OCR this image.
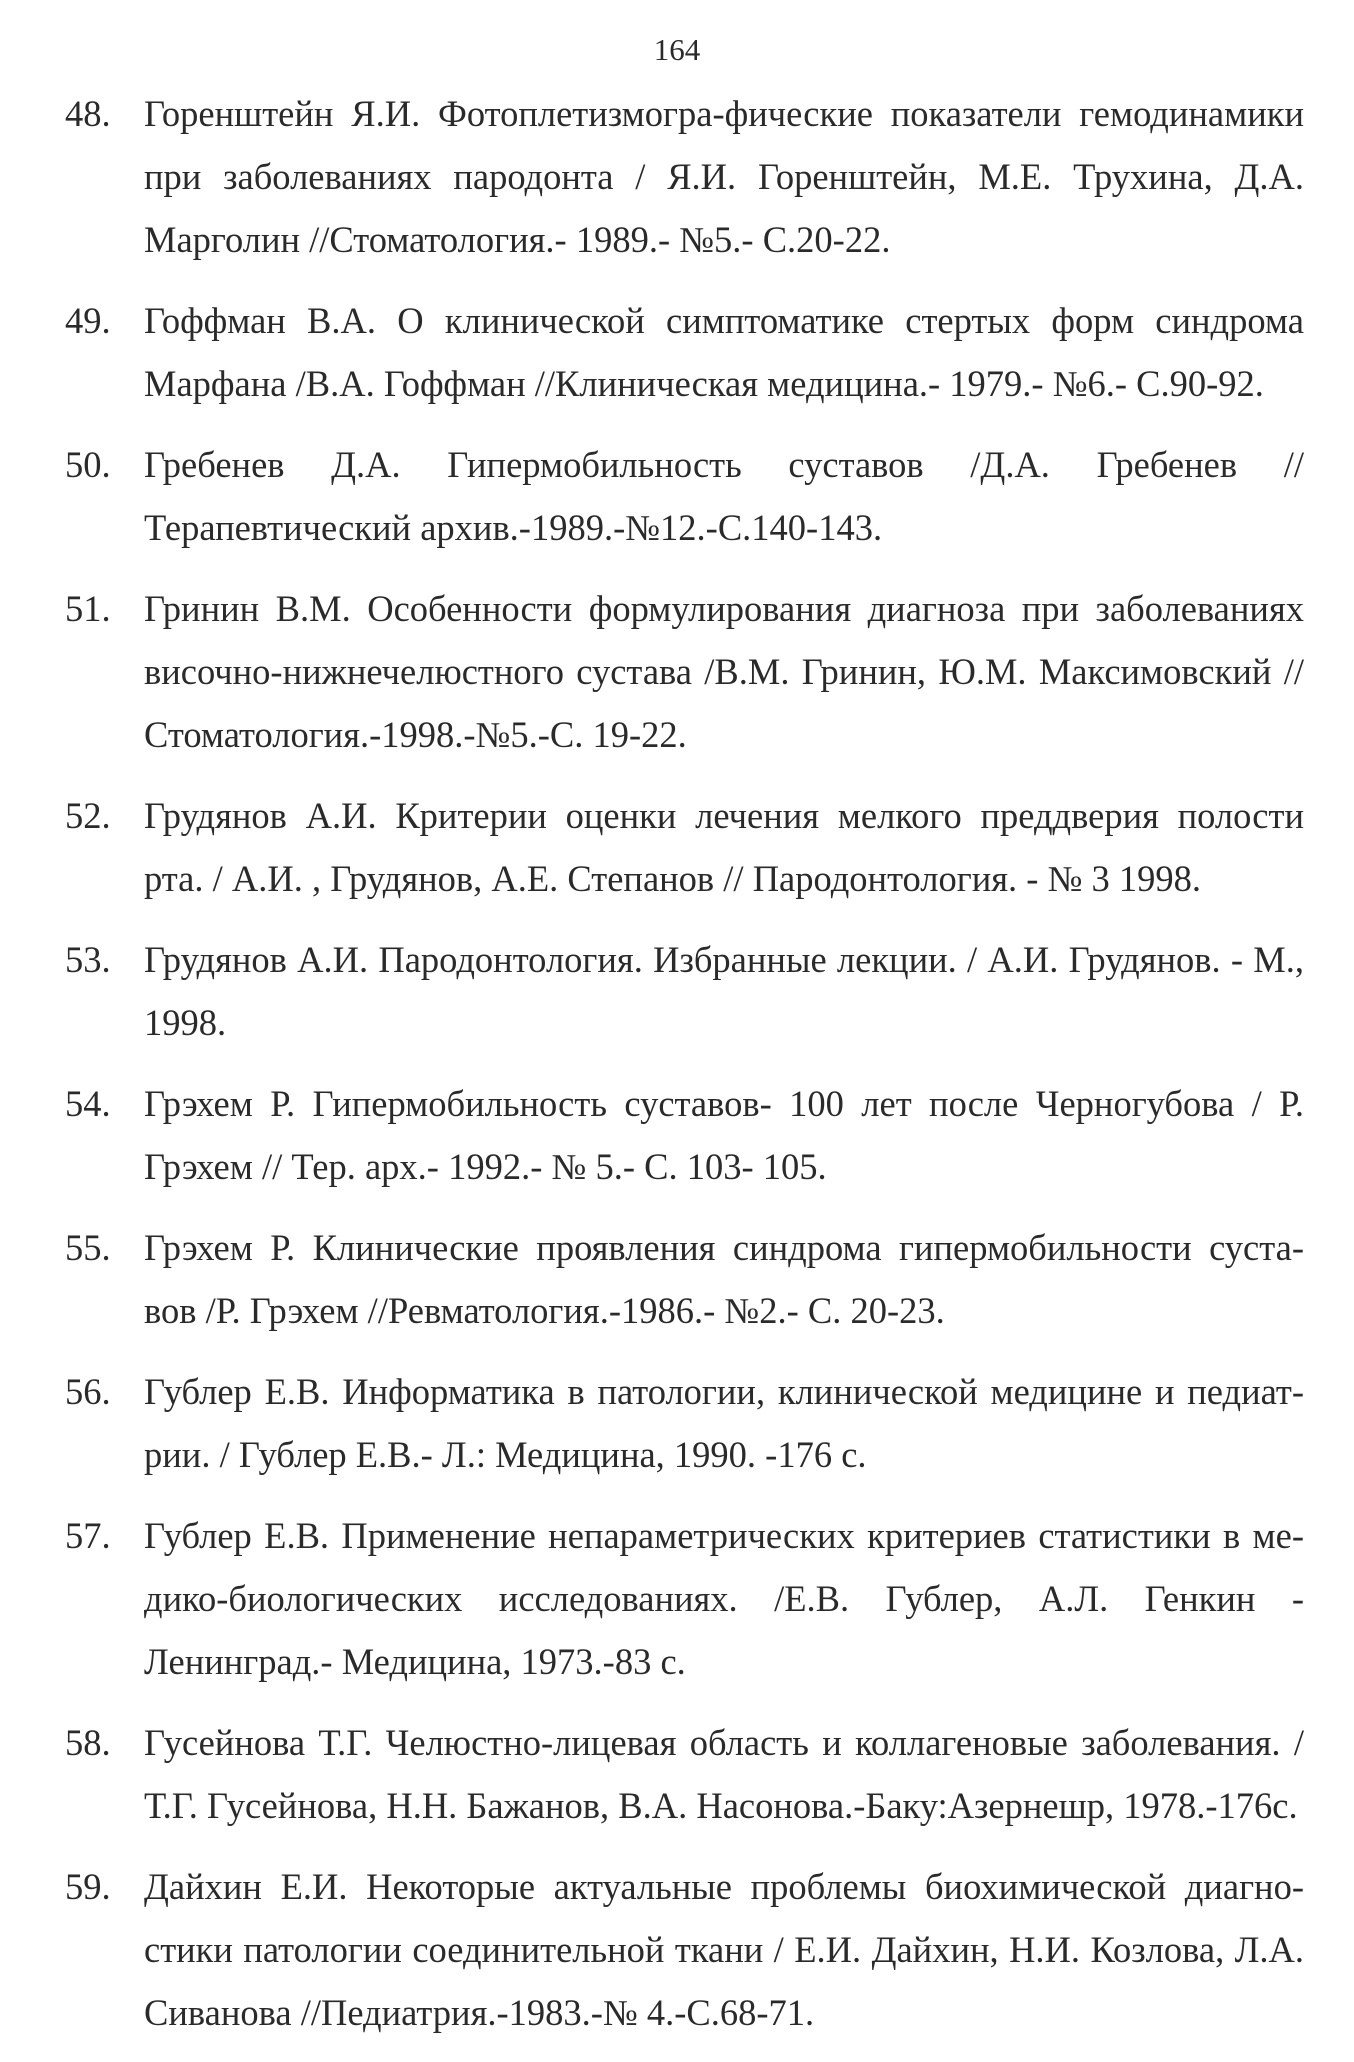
164
48. Горенштейн Я.И. Фотоплетизмогра-фические показатели гемодинамики при заболеваниях пародонта / Я.И. Горенштейн, М.Е. Трухина, Д.А. Марголин //Стоматология.- 1989.- №5.- С.20-22.
49. Гоффман В.А. О клинической симптоматике стертых форм синдрома Марфана /В.А. Гоффман //Клиническая медицина.- 1979.- №6.- С.90-92.
50. Гребенев Д.А. Гипермобильность суставов /Д.А. Гребенев //Терапевтический архив.-1989.-№12.-С.140-143.
51. Гринин В.М. Особенности формулирования диагноза при заболеваниях височно-нижнечелюстного сустава /В.М. Гринин, Ю.М. Максимовский //Стоматология.-1998.-№5.-С. 19-22.
52. Грудянов А.И. Критерии оценки лечения мелкого преддверия полости рта. / А.И. , Грудянов, А.Е. Степанов // Пародонтология. - № 3 1998.
53. Грудянов А.И. Пародонтология. Избранные лекции. / А.И. Грудянов. - М., 1998.
54. Грэхем Р. Гипермобильность суставов- 100 лет после Черногубова / Р. Грэхем // Тер. арх.- 1992.- № 5.- С. 103- 105.
55. Грэхем Р. Клинические проявления синдрома гипермобильности суста-вов /Р. Грэхем //Ревматология.-1986.- №2.- С. 20-23.
56. Гублер Е.В. Информатика в патологии, клинической медицине и педиат-рии. / Гублер Е.В.- Л.: Медицина, 1990. -176 с.
57. Гублер Е.В. Применение непараметрических критериев статистики в ме-дико-биологических исследованиях. /Е.В. Гублер, А.Л. Генкин - Ленинград.- Медицина, 1973.-83 с.
58. Гусейнова Т.Г. Челюстно-лицевая область и коллагеновые заболевания. /Т.Г. Гусейнова, Н.Н. Бажанов, В.А. Насонова.-Баку:Азернешр, 1978.-176с.
59. Дайхин Е.И. Некоторые актуальные проблемы биохимической диагно-стики патологии соединительной ткани / Е.И. Дайхин, Н.И. Козлова, Л.А. Сиванова //Педиатрия.-1983.-№ 4.-С.68-71.
